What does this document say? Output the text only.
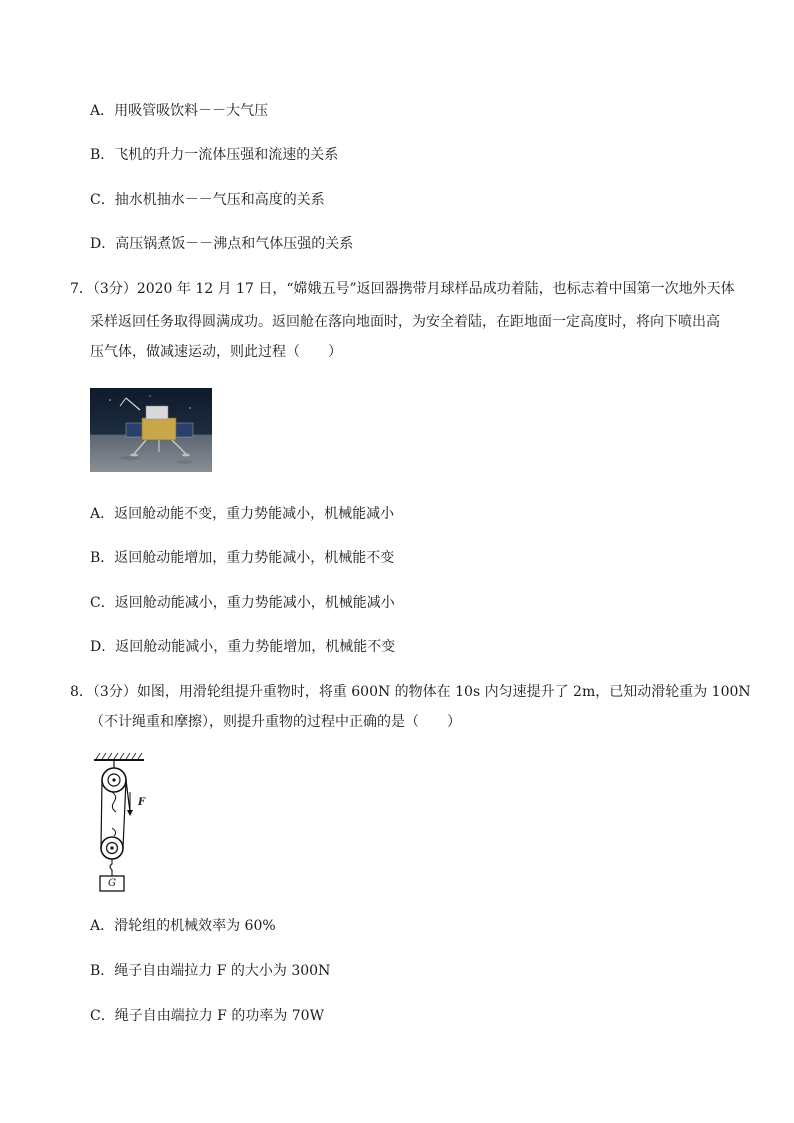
A．用吸管吸饮料－－大气压
B．飞机的升力一流体压强和流速的关系
C．抽水机抽水－－气压和高度的关系
D．高压锅煮饭－－沸点和气体压强的关系
7．（3分）2020 年 12 月 17 日，“嫦娥五号”返回器携带月球样品成功着陆，也标志着中国第一次地外天体
采样返回任务取得圆满成功。返回舱在落向地面时，为安全着陆，在距地面一定高度时，将向下喷出高
压气体，做减速运动，则此过程（　　）
A．返回舱动能不变，重力势能减小，机械能减小
B．返回舱动能增加，重力势能减小，机械能不变
C．返回舱动能减小，重力势能减小，机械能减小
D．返回舱动能减小，重力势能增加，机械能不变
8．（3分）如图，用滑轮组提升重物时，将重 600N 的物体在 10s 内匀速提升了 2m，已知动滑轮重为 100N
（不计绳重和摩擦），则提升重物的过程中正确的是（　　）
F
G
A．滑轮组的机械效率为 60%
B．绳子自由端拉力 F 的大小为 300N
C．绳子自由端拉力 F 的功率为 70W
